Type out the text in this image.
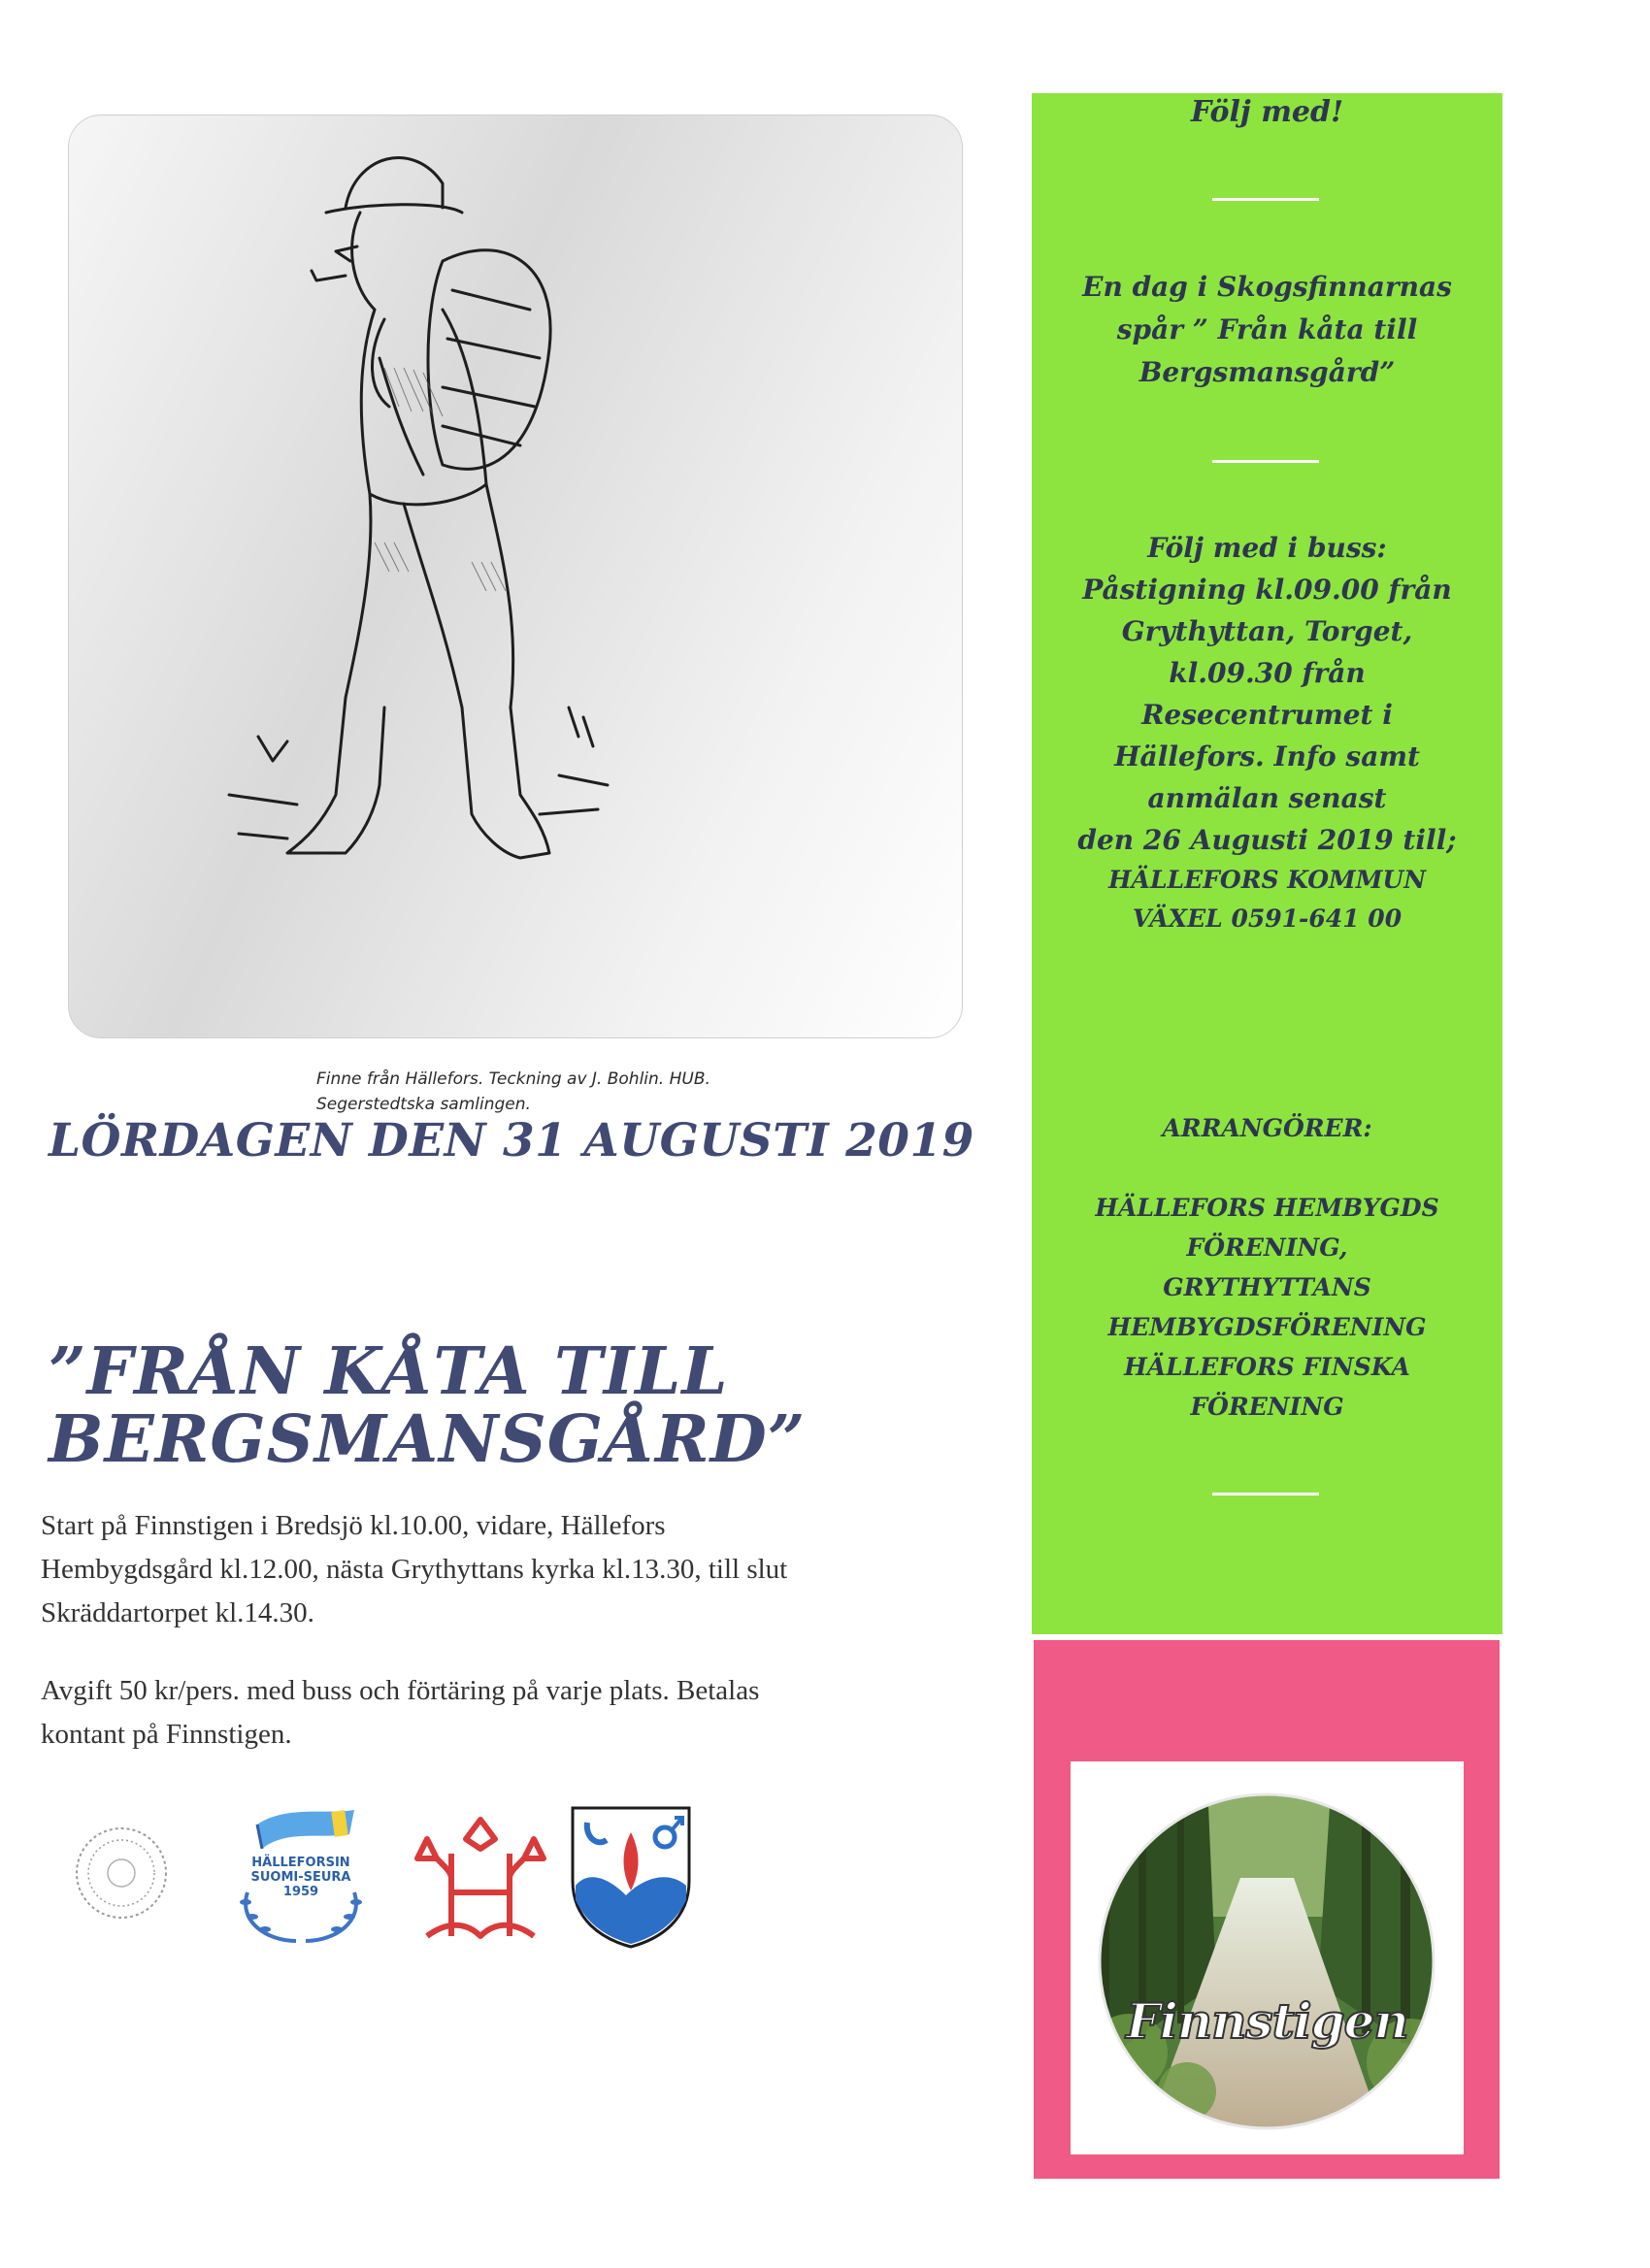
Finne från Hällefors. Teckning av J. Bohlin. HUB.
Segerstedtska samlingen.
LÖRDAGEN DEN 31 AUGUSTI 2019
”FRÅN KÅTA TILL
BERGSMANSGÅRD”
Start på Finnstigen i Bredsjö kl.10.00, vidare, Hällefors
Hembygdsgård kl.12.00, nästa Grythyttans kyrka kl.13.30, till slut
Skräddartorpet kl.14.30.
Avgift 50 kr/pers. med buss och förtäring på varje plats. Betalas
kontant på Finnstigen.
HÄLLEFORSIN
SUOMI-SEURA
1959
Följ med!
En dag i Skogsfinnarnas
spår ” Från kåta till
Bergsmansgård”
Följ med i buss:
Påstigning kl.09.00 från
Grythyttan, Torget,
kl.09.30 från
Resecentrumet i
Hällefors. Info samt
anmälan senast
den 26 Augusti 2019 till;
HÄLLEFORS KOMMUN
VÄXEL 0591-641 00
ARRANGÖRER:
HÄLLEFORS HEMBYGDS
FÖRENING,
GRYTHYTTANS
HEMBYGDSFÖRENING
HÄLLEFORS FINSKA
FÖRENING
Finnstigen
